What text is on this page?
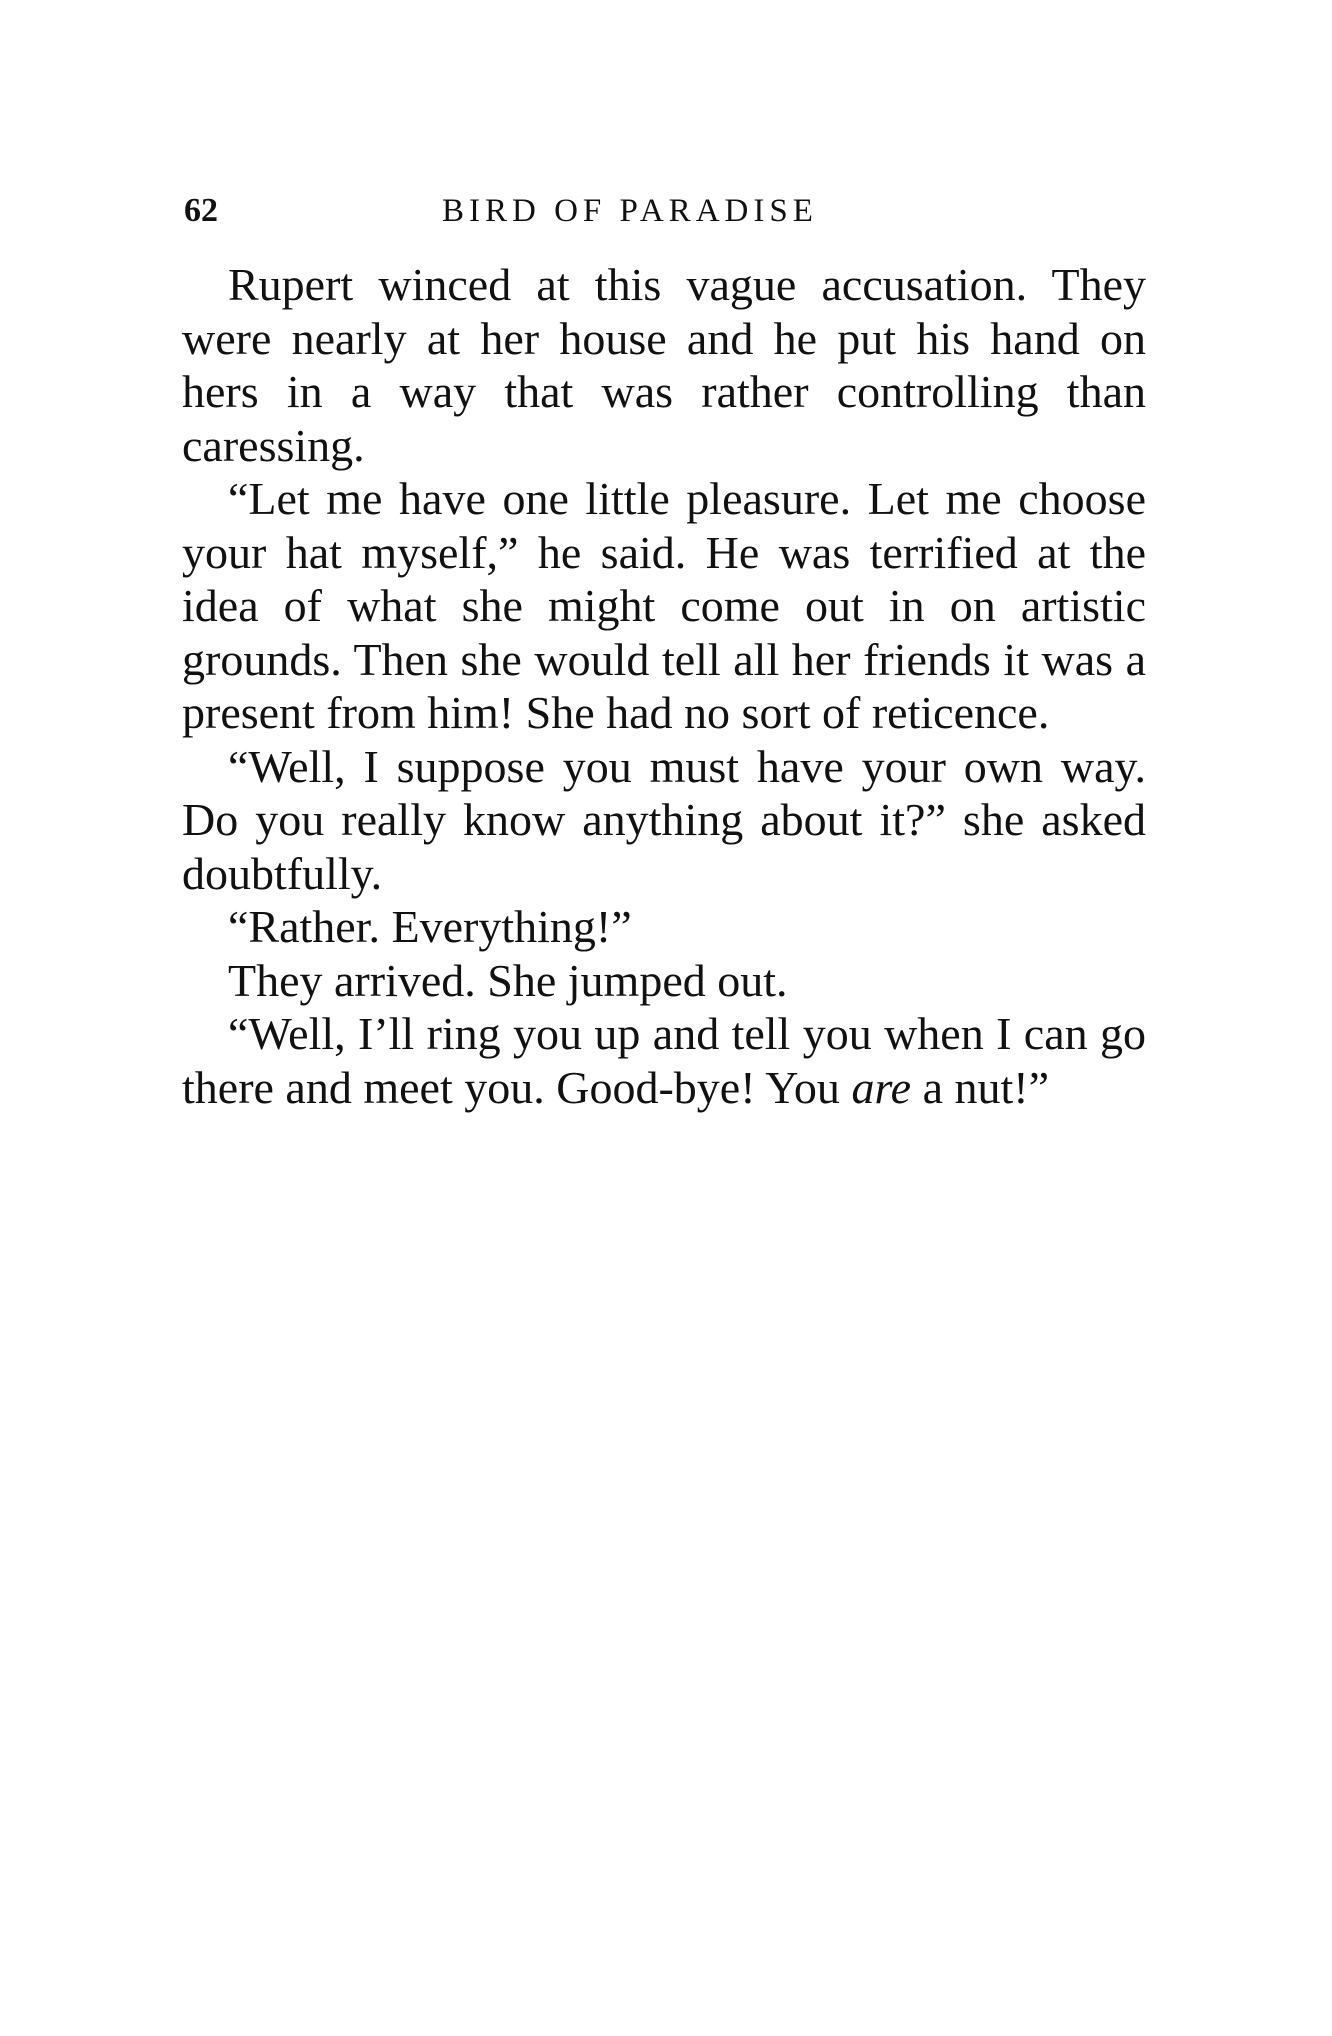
62	BIRD OF PARADISE

Rupert winced at this vague accusation. They were nearly at her house and he put his hand on hers in a way that was rather controlling than caressing.

“Let me have one little pleasure. Let me choose your hat myself,” he said. He was terrified at the idea of what she might come out in on artistic grounds. Then she would tell all her friends it was a present from him! She had no sort of reticence.

“Well, I suppose you must have your own way. Do you really know anything about it?” she asked doubtfully.

“Rather. Everything!”

They arrived. She jumped out.

“Well, I’ll ring you up and tell you when I can go there and meet you. Good-bye! You are a nut!”
